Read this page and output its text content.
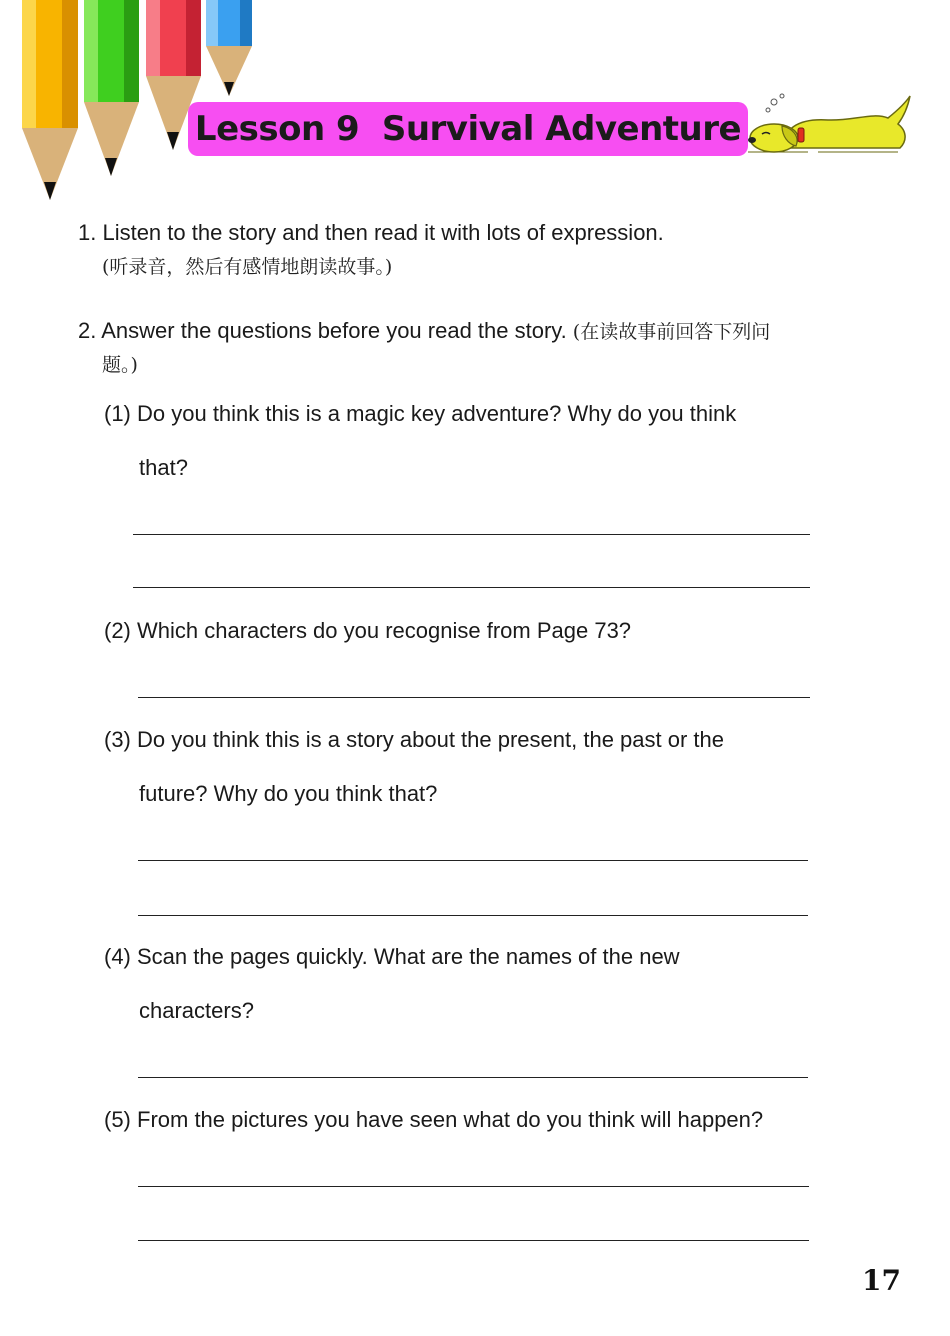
Lesson 9  Survival Adventure
1. Listen to the story and then read it with lots of expression.
(听录音，然后有感情地朗读故事。)
2. Answer the questions before you read the story. (在读故事前回答下列问
题。)
(1) Do you think this is a magic key adventure? Why do you think
that?
(2) Which characters do you recognise from Page 73?
(3) Do you think this is a story about the present, the past or the
future? Why do you think that?
(4) Scan the pages quickly. What are the names of the new
characters?
(5) From the pictures you have seen what do you think will happen?
17
